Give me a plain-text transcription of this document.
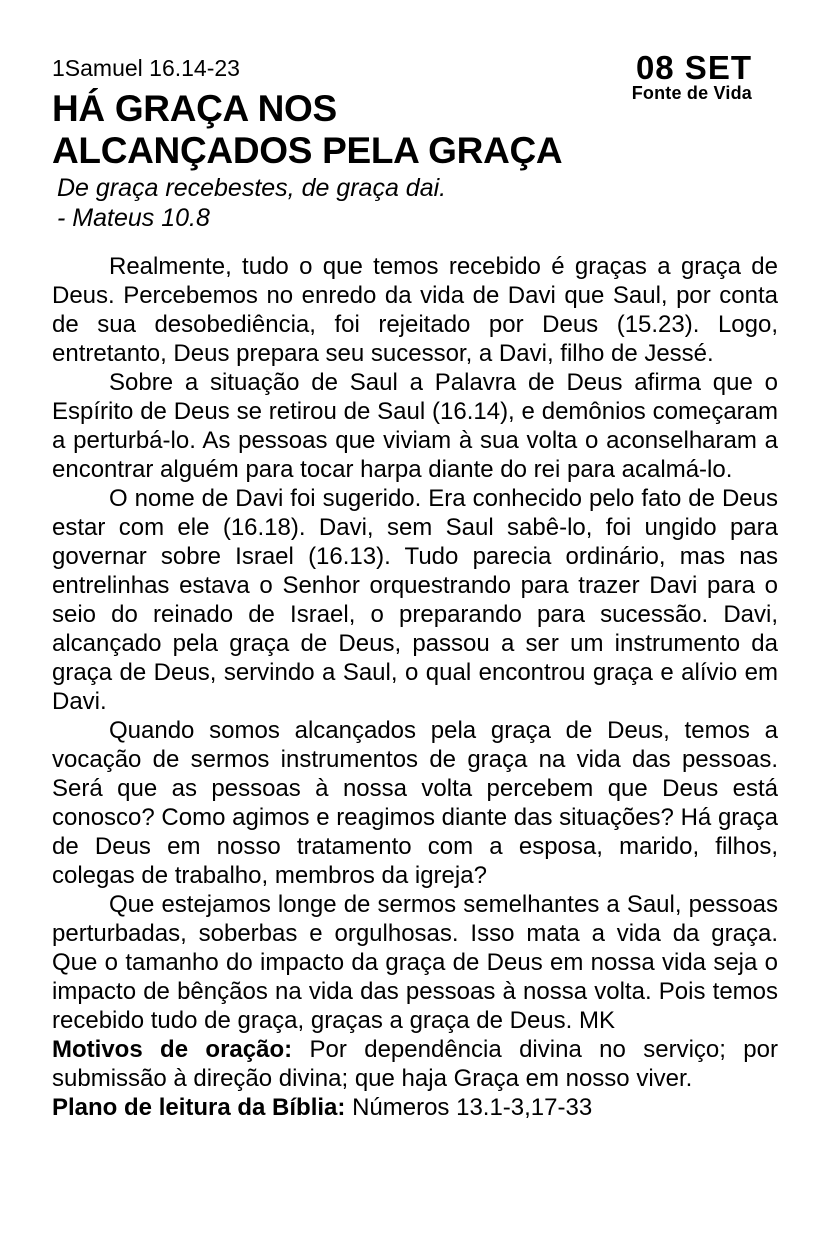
08 SET
Fonte de Vida
1Samuel 16.14-23
HÁ GRAÇA NOS
ALCANÇADOS PELA GRAÇA
De graça recebestes, de graça dai.
- Mateus 10.8

Realmente, tudo o que temos recebido é graças a graça de Deus. Percebemos no enredo da vida de Davi que Saul, por conta de sua desobediência, foi rejeitado por Deus (15.23). Logo, entretanto, Deus prepara seu sucessor, a Davi, filho de Jessé.

Sobre a situação de Saul a Palavra de Deus afirma que o Espírito de Deus se retirou de Saul (16.14), e demônios começaram a perturbá-lo. As pessoas que viviam à sua volta o aconselharam a encontrar alguém para tocar harpa diante do rei para acalmá-lo.

O nome de Davi foi sugerido. Era conhecido pelo fato de Deus estar com ele (16.18). Davi, sem Saul sabê-lo, foi ungido para governar sobre Israel (16.13). Tudo parecia ordinário, mas nas entrelinhas estava o Senhor orquestrando para trazer Davi para o seio do reinado de Israel, o preparando para sucessão. Davi, alcançado pela graça de Deus, passou a ser um instrumento da graça de Deus, servindo a Saul, o qual encontrou graça e alívio em Davi.

Quando somos alcançados pela graça de Deus, temos a vocação de sermos instrumentos de graça na vida das pessoas. Será que as pessoas à nossa volta percebem que Deus está conosco? Como agimos e reagimos diante das situações? Há graça de Deus em nosso tratamento com a esposa, marido, filhos, colegas de trabalho, membros da igreja?

Que estejamos longe de sermos semelhantes a Saul, pessoas perturbadas, soberbas e orgulhosas. Isso mata a vida da graça. Que o tamanho do impacto da graça de Deus em nossa vida seja o impacto de bênçãos na vida das pessoas à nossa volta. Pois temos recebido tudo de graça, graças a graça de Deus. MK

Motivos de oração: Por dependência divina no serviço; por submissão à direção divina; que haja Graça em nosso viver.

Plano de leitura da Bíblia: Números 13.1-3,17-33
